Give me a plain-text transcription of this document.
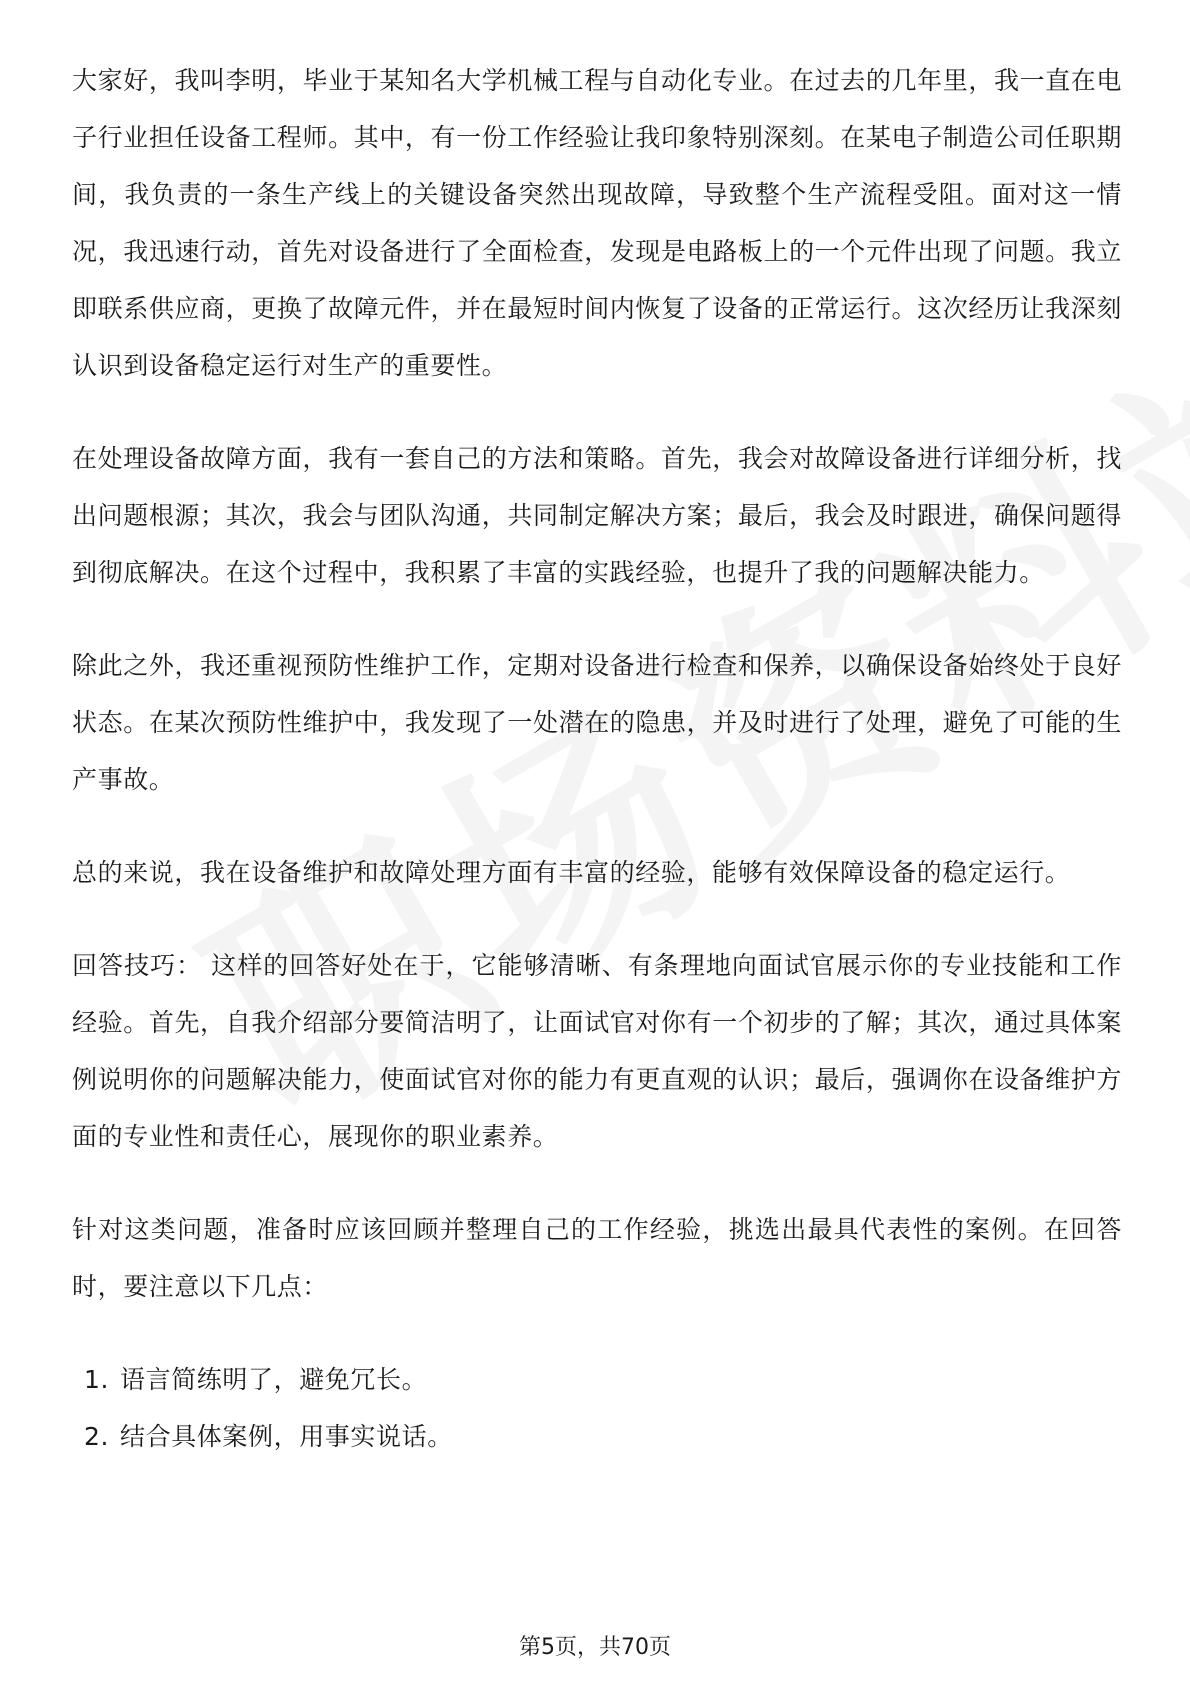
大家好，我叫李明，毕业于某知名大学机械工程与自动化专业。在过去的几年里，我一直在电子行业担任设备工程师。其中，有一份工作经验让我印象特别深刻。在某电子制造公司任职期间，我负责的一条生产线上的关键设备突然出现故障，导致整个生产流程受阻。面对这一情况，我迅速行动，首先对设备进行了全面检查，发现是电路板上的一个元件出现了问题。我立即联系供应商，更换了故障元件，并在最短时间内恢复了设备的正常运行。这次经历让我深刻认识到设备稳定运行对生产的重要性。

在处理设备故障方面，我有一套自己的方法和策略。首先，我会对故障设备进行详细分析，找出问题根源；其次，我会与团队沟通，共同制定解决方案；最后，我会及时跟进，确保问题得到彻底解决。在这个过程中，我积累了丰富的实践经验，也提升了我的问题解决能力。

除此之外，我还重视预防性维护工作，定期对设备进行检查和保养，以确保设备始终处于良好状态。在某次预防性维护中，我发现了一处潜在的隐患，并及时进行了处理，避免了可能的生产事故。

总的来说，我在设备维护和故障处理方面有丰富的经验，能够有效保障设备的稳定运行。

回答技巧： 这样的回答好处在于，它能够清晰、有条理地向面试官展示你的专业技能和工作经验。首先，自我介绍部分要简洁明了，让面试官对你有一个初步的了解；其次，通过具体案例说明你的问题解决能力，使面试官对你的能力有更直观的认识；最后，强调你在设备维护方面的专业性和责任心，展现你的职业素养。

针对这类问题，准备时应该回顾并整理自己的工作经验，挑选出最具代表性的案例。在回答时，要注意以下几点：

1. 语言简练明了，避免冗长。
2. 结合具体案例，用事实说话。
第5页，共70页
